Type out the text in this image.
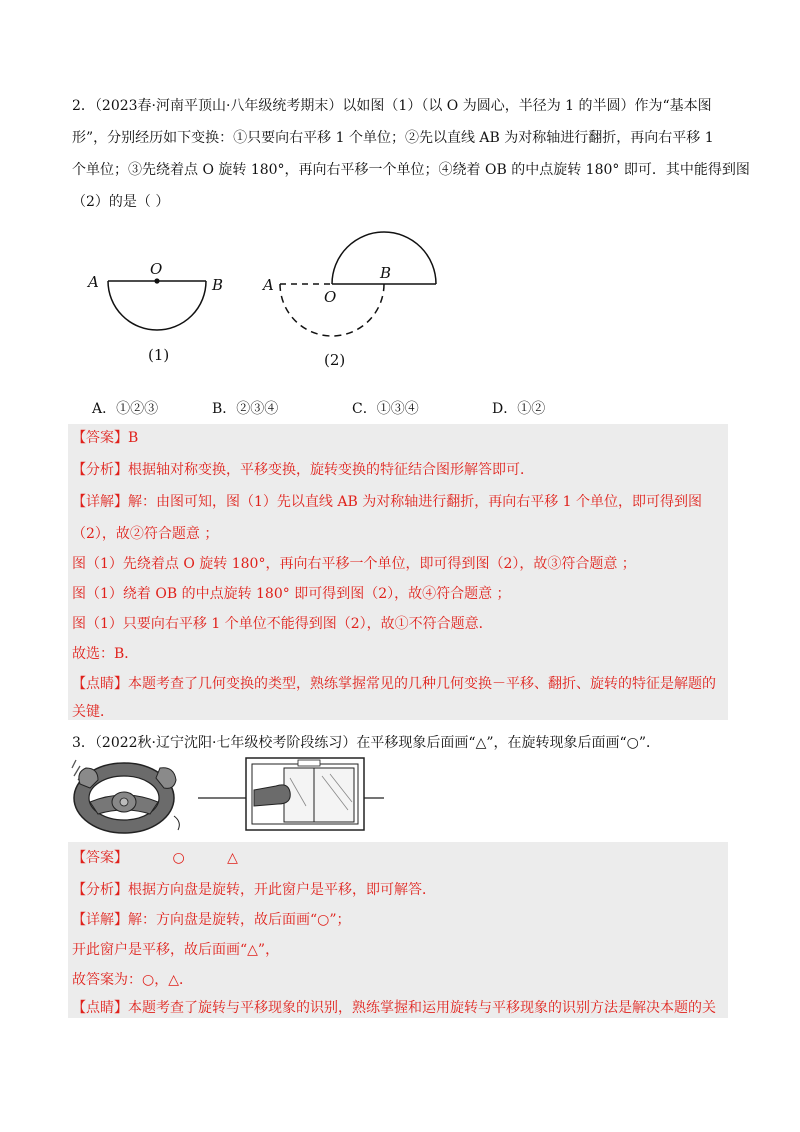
2．（2023春·河南平顶山·八年级统考期末）以如图（1）（以 O 为圆心，半径为 1 的半圆）作为“基本图
形”，分别经历如下变换：①只要向右平移 1 个单位；②先以直线 AB 为对称轴进行翻折，再向右平移 1
个单位；③先绕着点 O 旋转 180°，再向右平移一个单位；④绕着 OB 的中点旋转 180° 即可．其中能得到图
（2）的是（ ）
A
O
B
(1)
A
O
B
(2)
A．①②③	B．②③④	C．①③④	D．①②
【答案】B
【分析】根据轴对称变换，平移变换，旋转变换的特征结合图形解答即可．
【详解】解：由图可知，图（1）先以直线 AB 为对称轴进行翻折，再向右平移 1 个单位，即可得到图
（2），故②符合题意 ；
图（1）先绕着点 O 旋转 180°，再向右平移一个单位，即可得到图（2），故③符合题意 ；
图（1）绕着 OB 的中点旋转 180° 即可得到图（2），故④符合题意 ；
图（1）只要向右平移 1 个单位不能得到图（2），故①不符合题意．
故选：B．
【点睛】本题考查了几何变换的类型，熟练掌握常见的几种几何变换－平移、翻折、旋转的特征是解题的
关键．
3．（2022秋·辽宁沈阳·七年级校考阶段练习）在平移现象后面画“△”，在旋转现象后面画“○”．
【答案】	○	△
【分析】根据方向盘是旋转，开此窗户是平移，即可解答．
【详解】解：方向盘是旋转，故后面画“○”；
开此窗户是平移，故后面画“△”，
故答案为：○，△．
【点睛】本题考查了旋转与平移现象的识别，熟练掌握和运用旋转与平移现象的识别方法是解决本题的关
